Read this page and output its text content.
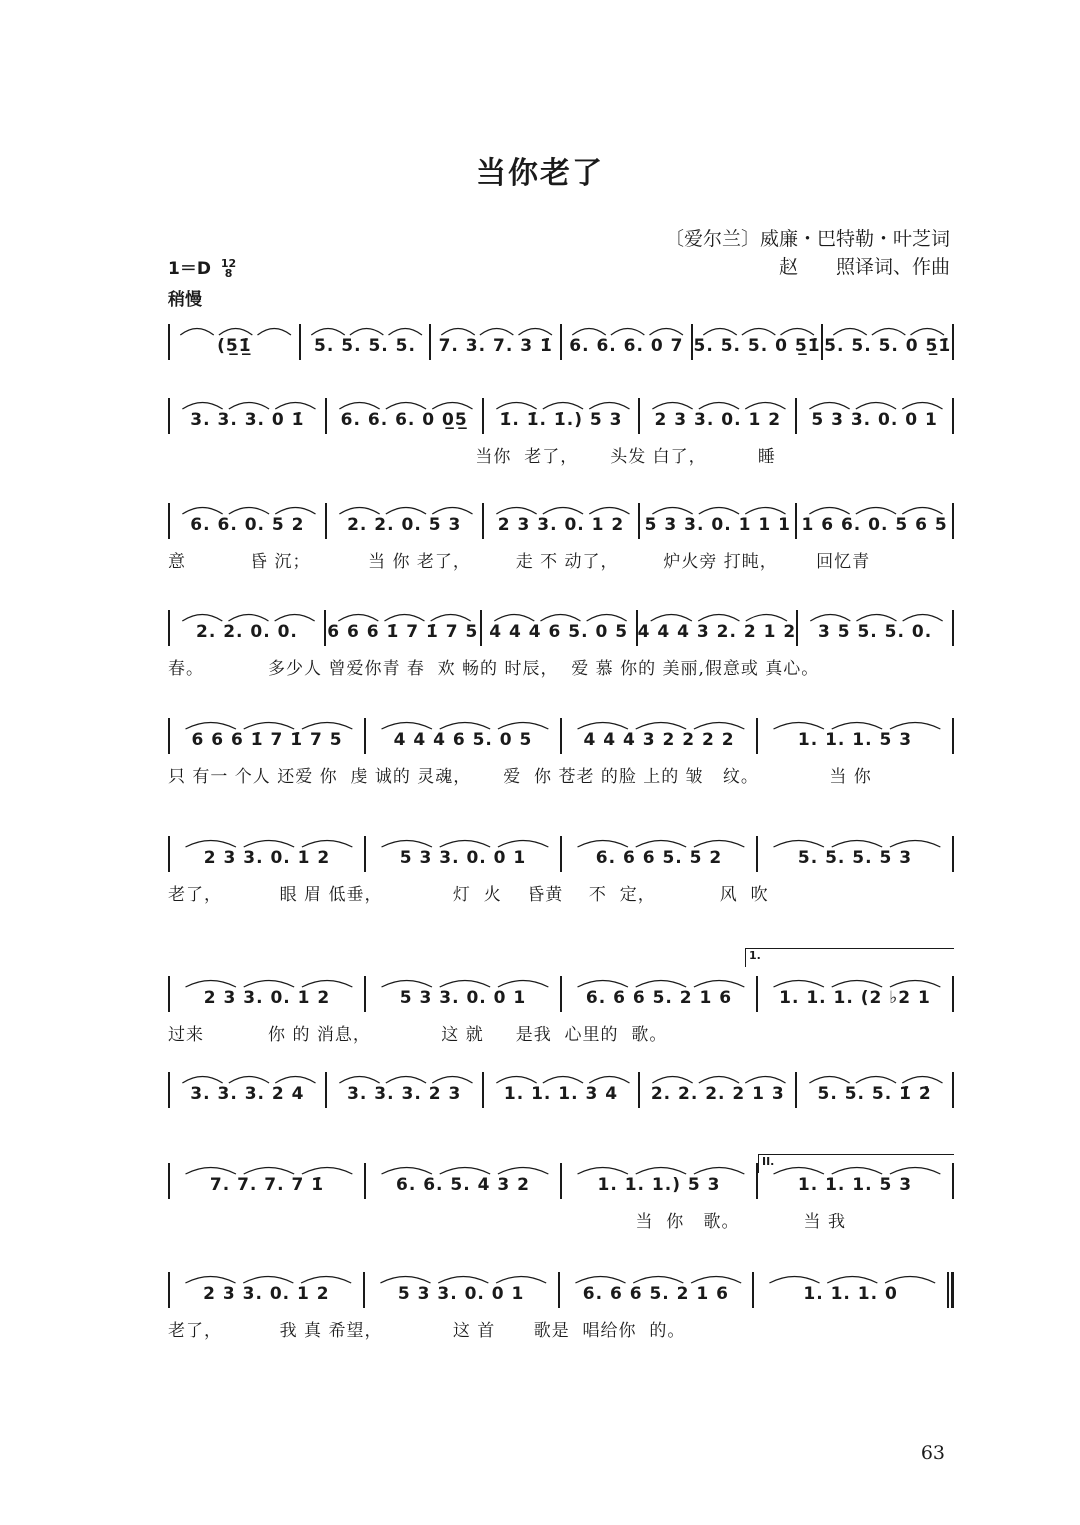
当你老了
〔爱尔兰〕威廉・巴特勒・叶芝词
赵　　照译词、作曲
1＝D 12
8
稍慢
(5̲1̲̇	5. 5. 5. 5.	7. 3. 7. 3 1̇ 6. 6. 6. 0 7 5. 5. 5. 0 5̲1̇ 5. 5. 5. 0 5̲1̇
3. 3. 3. 0 1̇	6. 6. 6. 0 0̲5̲	1̇. 1̇. 1̇.) 5 3	2 3 3. 0. 1 2	5 3 3. 0. 0 1
当你  老了，     头发 白了，        睡
6. 6. 0. 5 2	2. 2. 0. 5 3	2 3 3. 0. 1 2	5 3 3. 0. 1 1 1 1 6 6. 0. 5 6 5
意          昏 沉；         当 你 老了，       走 不 动了，       炉火旁 打盹，      回忆青
2. 2. 0. 0.	6 6 6 1̇ 7 1̇ 7 5 4 4 4 6 5. 0 5 4 4 4 3 2. 2 1 2	3 5 5. 5. 0.
春。          多少人 曾爱你青 春  欢 畅的 时辰，  爱 慕 你的 美丽,假意或 真心。
6 6 6 1̇ 7 1̇ 7 5	4 4 4 6 5. 0 5	4 4 4 3 2 2 2 2	1. 1. 1. 5 3
只 有一 个人 还爱 你  虔 诚的 灵魂，     爱  你 苍老 的脸 上的 皱   纹。           当 你
2 3 3. 0. 1 2	5 3 3. 0. 0 1	6. 6 6 5. 5 2	5. 5. 5. 5 3
老了，         眼 眉 低垂，           灯  火    昏黄    不  定，          风  吹
2 3 3. 0. 1 2	5 3 3. 0. 0 1	6. 6 6 5. 2 1 6	1. 1. 1. (2 ♭2 1
过来          你 的 消息，           这 就     是我  心里的  歌。
3. 3. 3. 2 4	3. 3. 3. 2 3	1. 1. 1. 3 4	2. 2. 2. 2 1 3	5. 5. 5. 1̇ 2̇
7. 7. 7. 7 1̇	6. 6. 5. 4 3 2	1. 1. 1.) 5 3	1. 1. 1. 5 3
当  你   歌。          当 我
2 3 3. 0. 1 2	5 3 3. 0. 0 1	6. 6 6 5. 2 1 6	1. 1. 1. 0
老了，         我 真 希望，           这 首      歌是  唱给你  的。
63
1.
II.
